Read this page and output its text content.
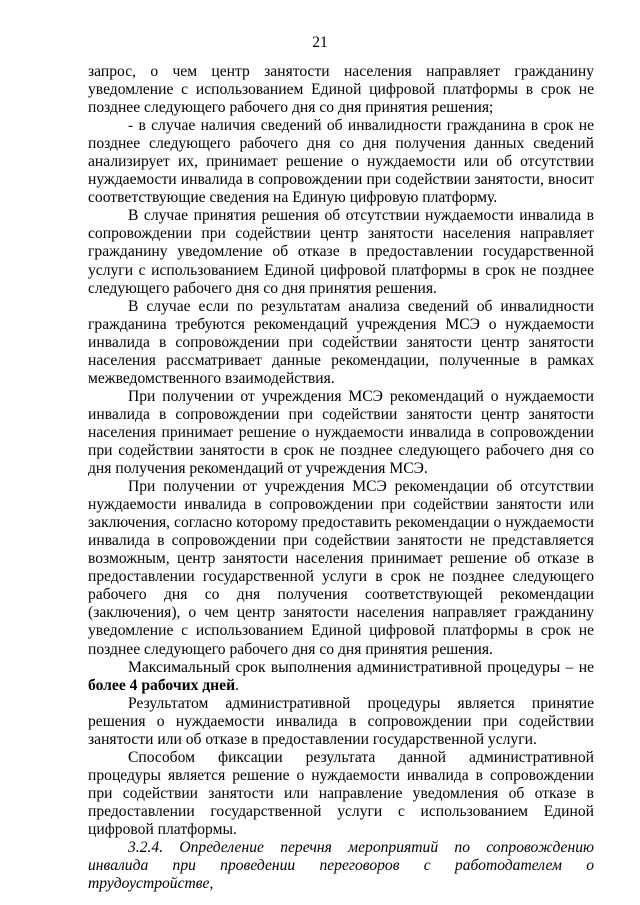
21

запрос, о чем центр занятости населения направляет гражданину уведомление с использованием Единой цифровой платформы в срок не позднее следующего рабочего дня со дня принятия решения;

- в случае наличия сведений об инвалидности гражданина в срок не позднее следующего рабочего дня со дня получения данных сведений анализирует их, принимает решение о нуждаемости или об отсутствии нуждаемости инвалида в сопровождении при содействии занятости, вносит соответствующие сведения на Единую цифровую платформу.

В случае принятия решения об отсутствии нуждаемости инвалида в сопровождении при содействии центр занятости населения направляет гражданину уведомление об отказе в предоставлении государственной услуги с использованием Единой цифровой платформы в срок не позднее следующего рабочего дня со дня принятия решения.

В случае если по результатам анализа сведений об инвалидности гражданина требуются рекомендаций учреждения МСЭ о нуждаемости инвалида в сопровождении при содействии занятости центр занятости населения рассматривает данные рекомендации, полученные в рамках межведомственного взаимодействия.

При получении от учреждения МСЭ рекомендаций о нуждаемости инвалида в сопровождении при содействии занятости центр занятости населения принимает решение о нуждаемости инвалида в сопровождении при содействии занятости в срок не позднее следующего рабочего дня со дня получения рекомендаций от учреждения МСЭ.

При получении от учреждения МСЭ рекомендации об отсутствии нуждаемости инвалида в сопровождении при содействии занятости или заключения, согласно которому предоставить рекомендации о нуждаемости инвалида в сопровождении при содействии занятости не представляется возможным, центр занятости населения принимает решение об отказе в предоставлении государственной услуги в срок не позднее следующего рабочего дня со дня получения соответствующей рекомендации (заключения), о чем центр занятости населения направляет гражданину уведомление с использованием Единой цифровой платформы в срок не позднее следующего рабочего дня со дня принятия решения.

Максимальный срок выполнения административной процедуры – не более 4 рабочих дней.

Результатом административной процедуры является принятие решения о нуждаемости инвалида в сопровождении при содействии занятости или об отказе в предоставлении государственной услуги.

Способом фиксации результата данной административной процедуры является решение о нуждаемости инвалида в сопровождении при содействии занятости или направление уведомления об отказе в предоставлении государственной услуги с использованием Единой цифровой платформы.

3.2.4. Определение перечня мероприятий по сопровождению инвалида при проведении переговоров с работодателем о трудоустройстве,
